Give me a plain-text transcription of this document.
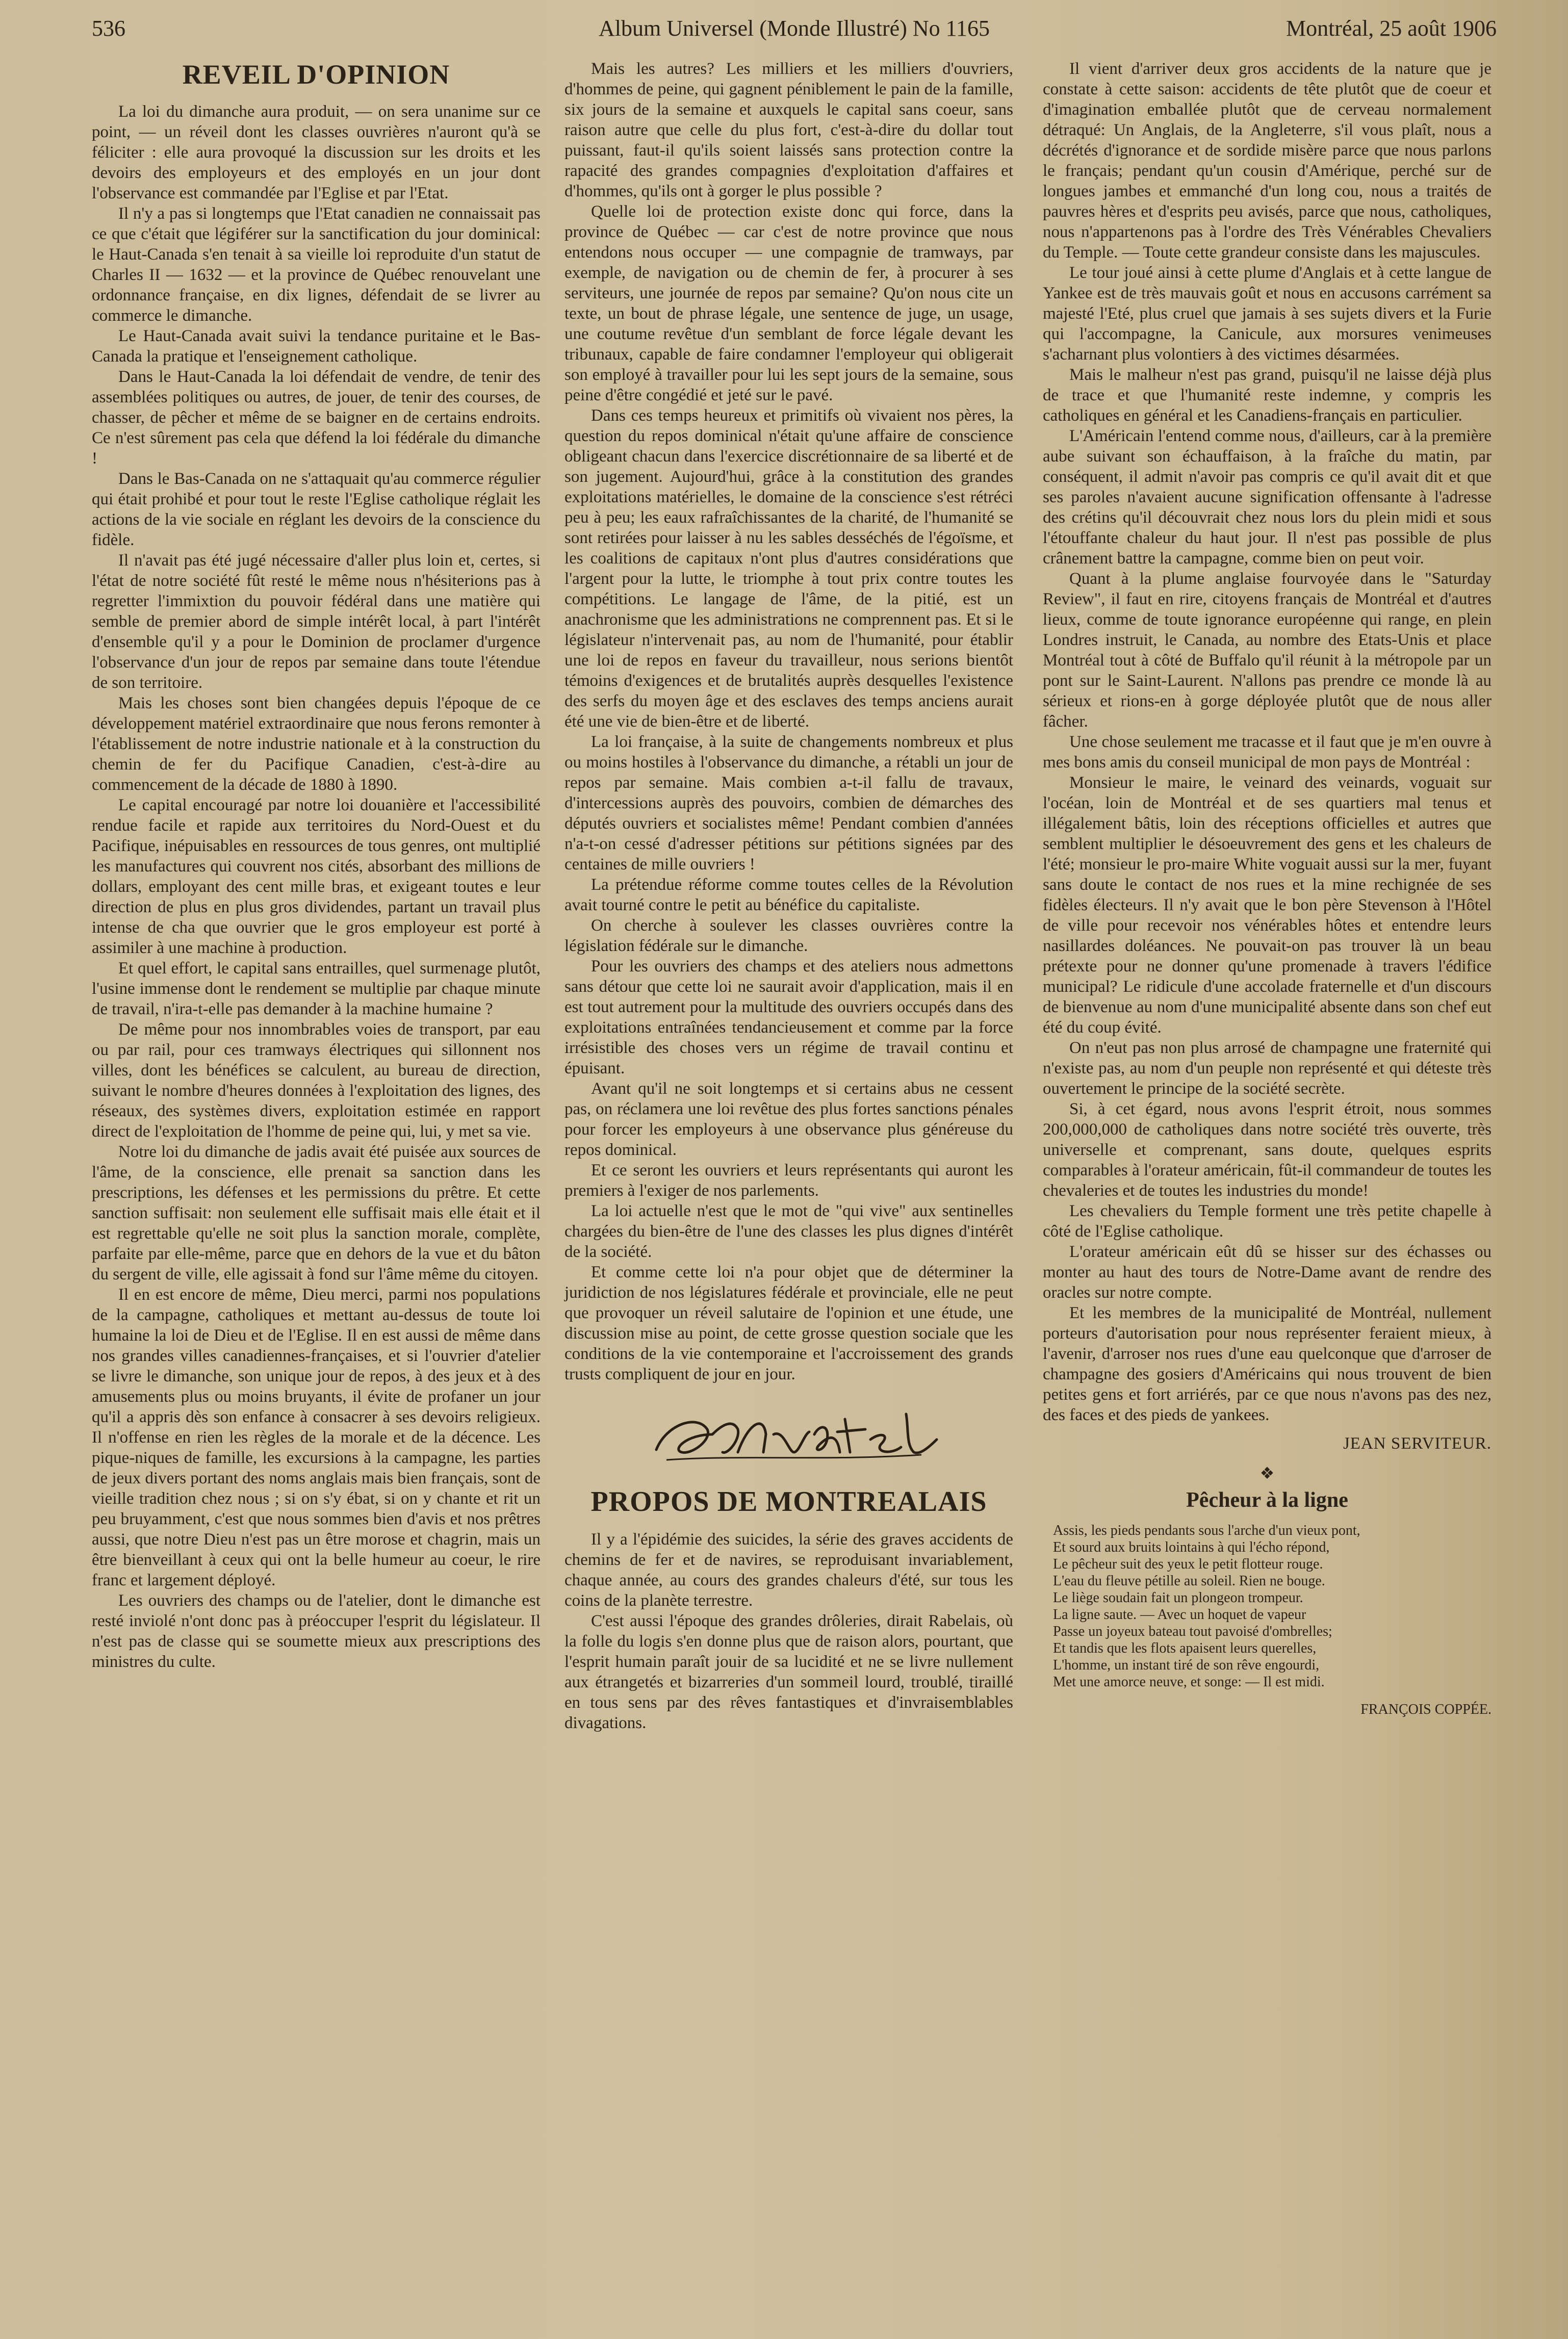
536	Album Universel (Monde Illustré) No 1165	Montréal, 25 août 1906
REVEIL D'OPINION

La loi du dimanche aura produit, — on sera unanime sur ce point, — un réveil dont les classes ouvrières n'auront qu'à se féliciter : elle aura provoqué la discussion sur les droits et les devoirs des employeurs et des employés en un jour dont l'observance est commandée par l'Eglise et par l'Etat.

Il n'y a pas si longtemps que l'Etat canadien ne connaissait pas ce que c'était que légiférer sur la sanctification du jour dominical: le Haut-Canada s'en tenait à sa vieille loi reproduite d'un statut de Charles II — 1632 — et la province de Québec renouvelant une ordonnance française, en dix lignes, défendait de se livrer au commerce le dimanche.

Le Haut-Canada avait suivi la tendance puritaine et le Bas-Canada la pratique et l'enseignement catholique.

Dans le Haut-Canada la loi défendait de vendre, de tenir des assemblées politiques ou autres, de jouer, de tenir des courses, de chasser, de pêcher et même de se baigner en de certains endroits. Ce n'est sûrement pas cela que défend la loi fédérale du dimanche !

Dans le Bas-Canada on ne s'attaquait qu'au commerce régulier qui était prohibé et pour tout le reste l'Eglise catholique réglait les actions de la vie sociale en réglant les devoirs de la conscience du fidèle.

Il n'avait pas été jugé nécessaire d'aller plus loin et, certes, si l'état de notre société fût resté le même nous n'hésiterions pas à regretter l'immixtion du pouvoir fédéral dans une matière qui semble de premier abord de simple intérêt local, à part l'intérêt d'ensemble qu'il y a pour le Dominion de proclamer d'urgence l'observance d'un jour de repos par semaine dans toute l'étendue de son territoire.

Mais les choses sont bien changées depuis l'époque de ce développement matériel extraordinaire que nous ferons remonter à l'établissement de notre industrie nationale et à la construction du chemin de fer du Pacifique Canadien, c'est-à-dire au commencement de la décade de 1880 à 1890.

Le capital encouragé par notre loi douanière et l'accessibilité rendue facile et rapide aux territoires du Nord-Ouest et du Pacifique, inépuisables en ressources de tous genres, ont multiplié les manufactures qui couvrent nos cités, absorbant des millions de dollars, employant des cent mille bras, et exigeant toutes e leur direction de plus en plus gros dividendes, partant un travail plus intense de cha que ouvrier que le gros employeur est porté à assimiler à une machine à production.

Et quel effort, le capital sans entrailles, quel surmenage plutôt, l'usine immense dont le rendement se multiplie par chaque minute de travail, n'ira-t-elle pas demander à la machine humaine ?

De même pour nos innombrables voies de transport, par eau ou par rail, pour ces tramways électriques qui sillonnent nos villes, dont les bénéfices se calculent, au bureau de direction, suivant le nombre d'heures données à l'exploitation des lignes, des réseaux, des systèmes divers, exploitation estimée en rapport direct de l'exploitation de l'homme de peine qui, lui, y met sa vie.

Notre loi du dimanche de jadis avait été puisée aux sources de l'âme, de la conscience, elle prenait sa sanction dans les prescriptions, les défenses et les permissions du prêtre. Et cette sanction suffisait: non seulement elle suffisait mais elle était et il est regrettable qu'elle ne soit plus la sanction morale, complète, parfaite par elle-même, parce que en dehors de la vue et du bâton du sergent de ville, elle agissait à fond sur l'âme même du citoyen.

Il en est encore de même, Dieu merci, parmi nos populations de la campagne, catholiques et mettant au-dessus de toute loi humaine la loi de Dieu et de l'Eglise. Il en est aussi de même dans nos grandes villes canadiennes-françaises, et si l'ouvrier d'atelier se livre le dimanche, son unique jour de repos, à des jeux et à des amusements plus ou moins bruyants, il évite de profaner un jour qu'il a appris dès son enfance à consacrer à ses devoirs religieux. Il n'offense en rien les règles de la morale et de la décence. Les pique-niques de famille, les excursions à la campagne, les parties de jeux divers portant des noms anglais mais bien français, sont de vieille tradition chez nous ; si on s'y ébat, si on y chante et rit un peu bruyamment, c'est que nous sommes bien d'avis et nos prêtres aussi, que notre Dieu n'est pas un être morose et chagrin, mais un être bienveillant à ceux qui ont la belle humeur au coeur, le rire franc et largement déployé.

Les ouvriers des champs ou de l'atelier, dont le dimanche est resté inviolé n'ont donc pas à préoccuper l'esprit du législateur. Il n'est pas de classe qui se soumette mieux aux prescriptions des ministres du culte.

Mais les autres? Les milliers et les milliers d'ouvriers, d'hommes de peine, qui gagnent péniblement le pain de la famille, six jours de la semaine et auxquels le capital sans coeur, sans raison autre que celle du plus fort, c'est-à-dire du dollar tout puissant, faut-il qu'ils soient laissés sans protection contre la rapacité des grandes compagnies d'exploitation d'affaires et d'hommes, qu'ils ont à gorger le plus possible ?

Quelle loi de protection existe donc qui force, dans la province de Québec — car c'est de notre province que nous entendons nous occuper — une compagnie de tramways, par exemple, de navigation ou de chemin de fer, à procurer à ses serviteurs, une journée de repos par semaine? Qu'on nous cite un texte, un bout de phrase légale, une sentence de juge, un usage, une coutume revêtue d'un semblant de force légale devant les tribunaux, capable de faire condamner l'employeur qui obligerait son employé à travailler pour lui les sept jours de la semaine, sous peine d'être congédié et jeté sur le pavé.

Dans ces temps heureux et primitifs où vivaient nos pères, la question du repos dominical n'était qu'une affaire de conscience obligeant chacun dans l'exercice discrétionnaire de sa liberté et de son jugement. Aujourd'hui, grâce à la constitution des grandes exploitations matérielles, le domaine de la conscience s'est rétréci peu à peu; les eaux rafraîchissantes de la charité, de l'humanité se sont retirées pour laisser à nu les sables desséchés de l'égoïsme, et les coalitions de capitaux n'ont plus d'autres considérations que l'argent pour la lutte, le triomphe à tout prix contre toutes les compétitions. Le langage de l'âme, de la pitié, est un anachronisme que les administrations ne comprennent pas. Et si le législateur n'intervenait pas, au nom de l'humanité, pour établir une loi de repos en faveur du travailleur, nous serions bientôt témoins d'exigences et de brutalités auprès desquelles l'existence des serfs du moyen âge et des esclaves des temps anciens aurait été une vie de bien-être et de liberté.

La loi française, à la suite de changements nombreux et plus ou moins hostiles à l'observance du dimanche, a rétabli un jour de repos par semaine. Mais combien a-t-il fallu de travaux, d'intercessions auprès des pouvoirs, combien de démarches des députés ouvriers et socialistes même! Pendant combien d'années n'a-t-on cessé d'adresser pétitions sur pétitions signées par des centaines de mille ouvriers !

La prétendue réforme comme toutes celles de la Révolution avait tourné contre le petit au bénéfice du capitaliste.

On cherche à soulever les classes ouvrières contre la législation fédérale sur le dimanche.

Pour les ouvriers des champs et des ateliers nous admettons sans détour que cette loi ne saurait avoir d'application, mais il en est tout autrement pour la multitude des ouvriers occupés dans des exploitations entraînées tendancieusement et comme par la force irrésistible des choses vers un régime de travail continu et épuisant.

Avant qu'il ne soit longtemps et si certains abus ne cessent pas, on réclamera une loi revêtue des plus fortes sanctions pénales pour forcer les employeurs à une observance plus généreuse du repos dominical.

Et ce seront les ouvriers et leurs représentants qui auront les premiers à l'exiger de nos parlements.

La loi actuelle n'est que le mot de "qui vive" aux sentinelles chargées du bien-être de l'une des classes les plus dignes d'intérêt de la société.

Et comme cette loi n'a pour objet que de déterminer la juridiction de nos législatures fédérale et provinciale, elle ne peut que provoquer un réveil salutaire de l'opinion et une étude, une discussion mise au point, de cette grosse question sociale que les conditions de la vie contemporaine et l'accroissement des grands trusts compliquent de jour en jour.

PROPOS DE MONTREALAIS

Il y a l'épidémie des suicides, la série des graves accidents de chemins de fer et de navires, se reproduisant invariablement, chaque année, au cours des grandes chaleurs d'été, sur tous les coins de la planète terrestre.

C'est aussi l'époque des grandes drôleries, dirait Rabelais, où la folle du logis s'en donne plus que de raison alors, pourtant, que l'esprit humain paraît jouir de sa lucidité et ne se livre nullement aux étrangetés et bizarreries d'un sommeil lourd, troublé, tiraillé en tous sens par des rêves fantastiques et d'invraisemblables divagations.

Il vient d'arriver deux gros accidents de la nature que je constate à cette saison: accidents de tête plutôt que de coeur et d'imagination emballée plutôt que de cerveau normalement détraqué: Un Anglais, de la Angleterre, s'il vous plaît, nous a décrétés d'ignorance et de sordide misère parce que nous parlons le français; pendant qu'un cousin d'Amérique, perché sur de longues jambes et emmanché d'un long cou, nous a traités de pauvres hères et d'esprits peu avisés, parce que nous, catholiques, nous n'appartenons pas à l'ordre des Très Vénérables Chevaliers du Temple. — Toute cette grandeur consiste dans les majuscules.

Le tour joué ainsi à cette plume d'Anglais et à cette langue de Yankee est de très mauvais goût et nous en accusons carrément sa majesté l'Eté, plus cruel que jamais à ses sujets divers et la Furie qui l'accompagne, la Canicule, aux morsures venimeuses s'acharnant plus volontiers à des victimes désarmées.

Mais le malheur n'est pas grand, puisqu'il ne laisse déjà plus de trace et que l'humanité reste indemne, y compris les catholiques en général et les Canadiens-français en particulier.

L'Américain l'entend comme nous, d'ailleurs, car à la première aube suivant son échauffaison, à la fraîche du matin, par conséquent, il admit n'avoir pas compris ce qu'il avait dit et que ses paroles n'avaient aucune signification offensante à l'adresse des crétins qu'il découvrait chez nous lors du plein midi et sous l'étouffante chaleur du haut jour. Il n'est pas possible de plus crânement battre la campagne, comme bien on peut voir.

Quant à la plume anglaise fourvoyée dans le "Saturday Review", il faut en rire, citoyens français de Montréal et d'autres lieux, comme de toute ignorance européenne qui range, en plein Londres instruit, le Canada, au nombre des Etats-Unis et place Montréal tout à côté de Buffalo qu'il réunit à la métropole par un pont sur le Saint-Laurent. N'allons pas prendre ce monde là au sérieux et rions-en à gorge déployée plutôt que de nous aller fâcher.

Une chose seulement me tracasse et il faut que je m'en ouvre à mes bons amis du conseil municipal de mon pays de Montréal :

Monsieur le maire, le veinard des veinards, voguait sur l'océan, loin de Montréal et de ses quartiers mal tenus et illégalement bâtis, loin des réceptions officielles et autres que semblent multiplier le désoeuvrement des gens et les chaleurs de l'été; monsieur le pro-maire White voguait aussi sur la mer, fuyant sans doute le contact de nos rues et la mine rechignée de ses fidèles électeurs. Il n'y avait que le bon père Stevenson à l'Hôtel de ville pour recevoir nos vénérables hôtes et entendre leurs nasillardes doléances. Ne pouvait-on pas trouver là un beau prétexte pour ne donner qu'une promenade à travers l'édifice municipal? Le ridicule d'une accolade fraternelle et d'un discours de bienvenue au nom d'une municipalité absente dans son chef eut été du coup évité.

On n'eut pas non plus arrosé de champagne une fraternité qui n'existe pas, au nom d'un peuple non représenté et qui déteste très ouvertement le principe de la société secrète.

Si, à cet égard, nous avons l'esprit étroit, nous sommes 200,000,000 de catholiques dans notre société très ouverte, très universelle et comprenant, sans doute, quelques esprits comparables à l'orateur américain, fût-il commandeur de toutes les chevaleries et de toutes les industries du monde!

Les chevaliers du Temple forment une très petite chapelle à côté de l'Eglise catholique.

L'orateur américain eût dû se hisser sur des échasses ou monter au haut des tours de Notre-Dame avant de rendre des oracles sur notre compte.

Et les membres de la municipalité de Montréal, nullement porteurs d'autorisation pour nous représenter feraient mieux, à l'avenir, d'arroser nos rues d'une eau quelconque que d'arroser de champagne des gosiers d'Américains qui nous trouvent de bien petites gens et fort arriérés, par ce que nous n'avons pas des nez, des faces et des pieds de yankees.

JEAN SERVITEUR.
❖
Pêcheur à la ligne
Assis, les pieds pendants sous l'arche d'un vieux pont,
Et sourd aux bruits lointains à qui l'écho répond,
Le pêcheur suit des yeux le petit flotteur rouge.
L'eau du fleuve pétille au soleil. Rien ne bouge.
Le liège soudain fait un plongeon trompeur.
La ligne saute. — Avec un hoquet de vapeur
Passe un joyeux bateau tout pavoisé d'ombrelles;
Et tandis que les flots apaisent leurs querelles,
L'homme, un instant tiré de son rêve engourdi,
Met une amorce neuve, et songe: — Il est midi.
FRANÇOIS COPPÉE.
